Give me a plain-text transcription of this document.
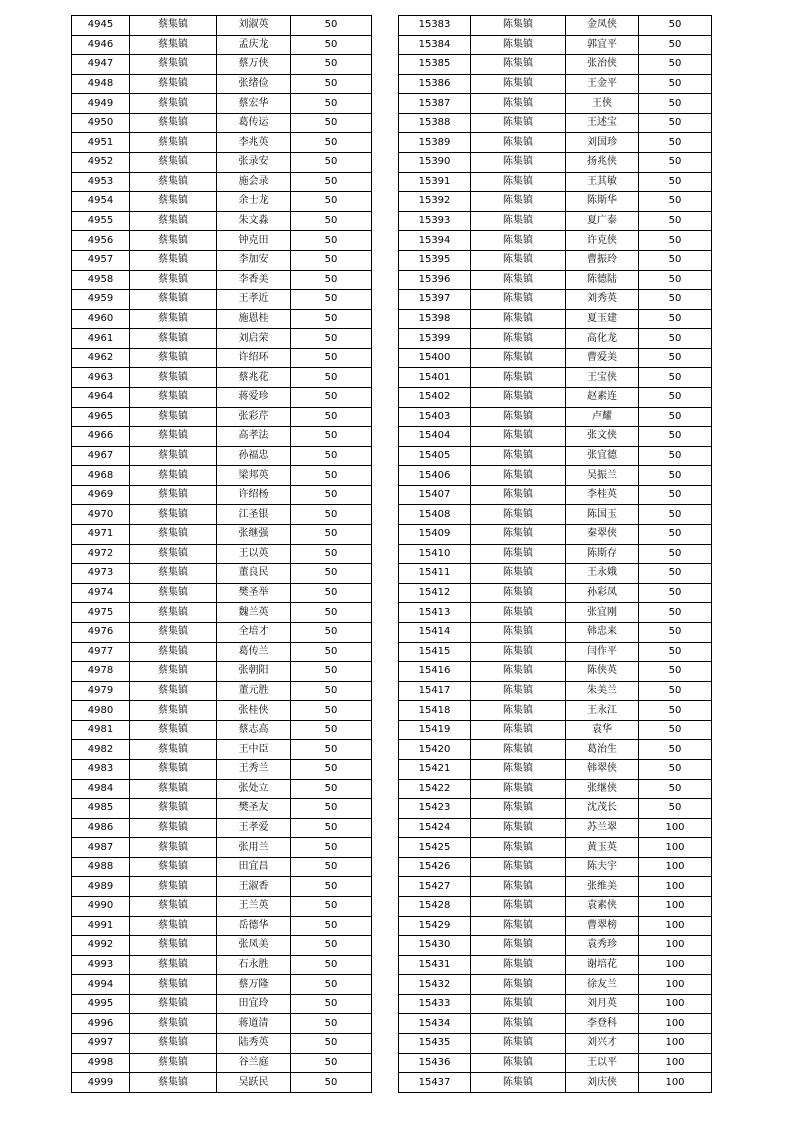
4945	蔡集镇	刘淑英	50
4946	蔡集镇	孟庆龙	50
4947	蔡集镇	蔡万侠	50
4948	蔡集镇	张绪俭	50
4949	蔡集镇	蔡宏华	50
4950	蔡集镇	葛传运	50
4951	蔡集镇	李兆英	50
4952	蔡集镇	张录安	50
4953	蔡集镇	施会录	50
4954	蔡集镇	余士龙	50
4955	蔡集镇	朱文淼	50
4956	蔡集镇	钟克田	50
4957	蔡集镇	李加安	50
4958	蔡集镇	李香美	50
4959	蔡集镇	王孝近	50
4960	蔡集镇	施恩桂	50
4961	蔡集镇	刘启荣	50
4962	蔡集镇	许绍环	50
4963	蔡集镇	蔡兆花	50
4964	蔡集镇	蒋爱珍	50
4965	蔡集镇	张彩芹	50
4966	蔡集镇	高孝法	50
4967	蔡集镇	孙福忠	50
4968	蔡集镇	梁邦英	50
4969	蔡集镇	许绍杨	50
4970	蔡集镇	江圣银	50
4971	蔡集镇	张继强	50
4972	蔡集镇	王以英	50
4973	蔡集镇	董良民	50
4974	蔡集镇	樊圣举	50
4975	蔡集镇	魏兰英	50
4976	蔡集镇	全培才	50
4977	蔡集镇	葛传兰	50
4978	蔡集镇	张朝阳	50
4979	蔡集镇	董元胜	50
4980	蔡集镇	张桂侠	50
4981	蔡集镇	蔡志高	50
4982	蔡集镇	王中臣	50
4983	蔡集镇	王秀兰	50
4984	蔡集镇	张处立	50
4985	蔡集镇	樊圣友	50
4986	蔡集镇	王孝爱	50
4987	蔡集镇	张用兰	50
4988	蔡集镇	田宜昌	50
4989	蔡集镇	王淑香	50
4990	蔡集镇	王兰英	50
4991	蔡集镇	岳德华	50
4992	蔡集镇	张凤美	50
4993	蔡集镇	石永胜	50
4994	蔡集镇	蔡万隆	50
4995	蔡集镇	田宜玲	50
4996	蔡集镇	蒋道清	50
4997	蔡集镇	陆秀英	50
4998	蔡集镇	谷兰庭	50
4999	蔡集镇	吴跃民	50
15383	陈集镇	金凤侠	50
15384	陈集镇	郭宜平	50
15385	陈集镇	张治侠	50
15386	陈集镇	王金平	50
15387	陈集镇	王侠	50
15388	陈集镇	王述宝	50
15389	陈集镇	刘国珍	50
15390	陈集镇	扬兆侠	50
15391	陈集镇	王其敏	50
15392	陈集镇	陈斯华	50
15393	陈集镇	夏广泰	50
15394	陈集镇	许克侠	50
15395	陈集镇	曹振玲	50
15396	陈集镇	陈德陆	50
15397	陈集镇	刘秀英	50
15398	陈集镇	夏玉建	50
15399	陈集镇	高化龙	50
15400	陈集镇	曹爱美	50
15401	陈集镇	王宝侠	50
15402	陈集镇	赵素连	50
15403	陈集镇	卢耀	50
15404	陈集镇	张文侠	50
15405	陈集镇	张宜德	50
15406	陈集镇	吴振兰	50
15407	陈集镇	李桂英	50
15408	陈集镇	陈国玉	50
15409	陈集镇	秦翠侠	50
15410	陈集镇	陈斯存	50
15411	陈集镇	王永娥	50
15412	陈集镇	孙彩凤	50
15413	陈集镇	张宜刚	50
15414	陈集镇	韩忠来	50
15415	陈集镇	闫作平	50
15416	陈集镇	陈侠英	50
15417	陈集镇	朱美兰	50
15418	陈集镇	王永江	50
15419	陈集镇	袁华	50
15420	陈集镇	葛治生	50
15421	陈集镇	韩翠侠	50
15422	陈集镇	张继侠	50
15423	陈集镇	沈茂长	50
15424	陈集镇	苏兰翠	100
15425	陈集镇	黄玉英	100
15426	陈集镇	陈夫宇	100
15427	陈集镇	张维美	100
15428	陈集镇	袁素侠	100
15429	陈集镇	曹翠榜	100
15430	陈集镇	袁秀珍	100
15431	陈集镇	谢培花	100
15432	陈集镇	徐友兰	100
15433	陈集镇	刘月英	100
15434	陈集镇	李登科	100
15435	陈集镇	刘兴才	100
15436	陈集镇	王以平	100
15437	陈集镇	刘庆侠	100
